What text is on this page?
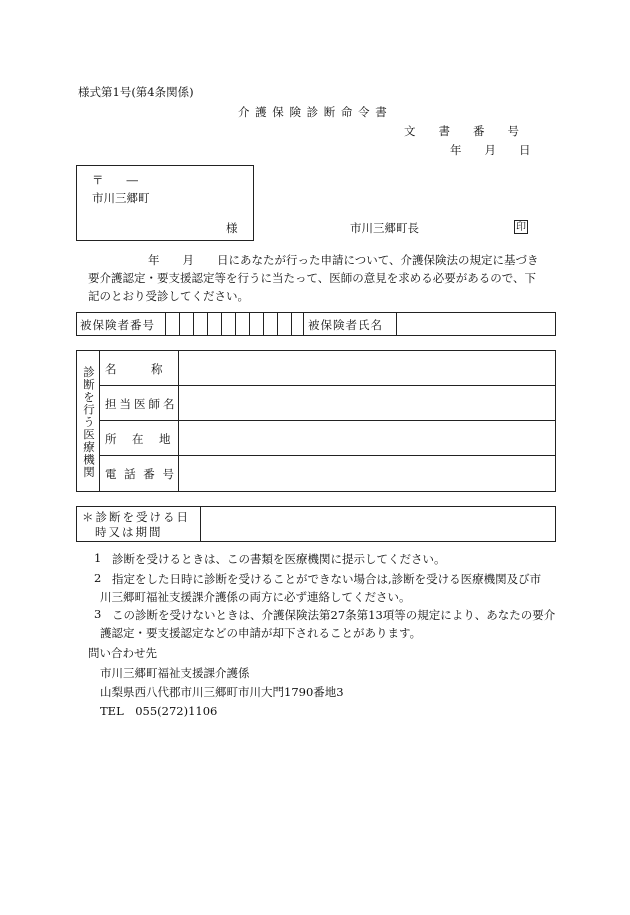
様式第1号(第4条関係)
介 護 保 険 診 断 命 令 書
文　　書　　番　　号
年　　月　　日
〒　　―
市川三郷町
様	市川三郷町長	印
年　　月　　日にあなたが行った申請について、介護保険法の規定に基づき
要介護認定・要支援認定等を行うに当たって、医師の意見を求める必要があるので、下
記のとおり受診してください。
被保険者番号	被保険者氏名
診断を行う医療機関 名　　　称
担当医師名
所　在　地
電 話 番 号
＊診断を受ける日
時又は期間
1 診断を受けるときは、この書類を医療機関に提示してください。
2 指定をした日時に診断を受けることができない場合は,診断を受ける医療機関及び市
川三郷町福祉支援課介護係の両方に必ず連絡してください。
3 この診断を受けないときは、介護保険法第27条第13項等の規定により、あなたの要介
護認定・要支援認定などの申請が却下されることがあります。
問い合わせ先
市川三郷町福祉支援課介護係
山梨県西八代郡市川三郷町市川大門1790番地3
TEL　055(272)1106
